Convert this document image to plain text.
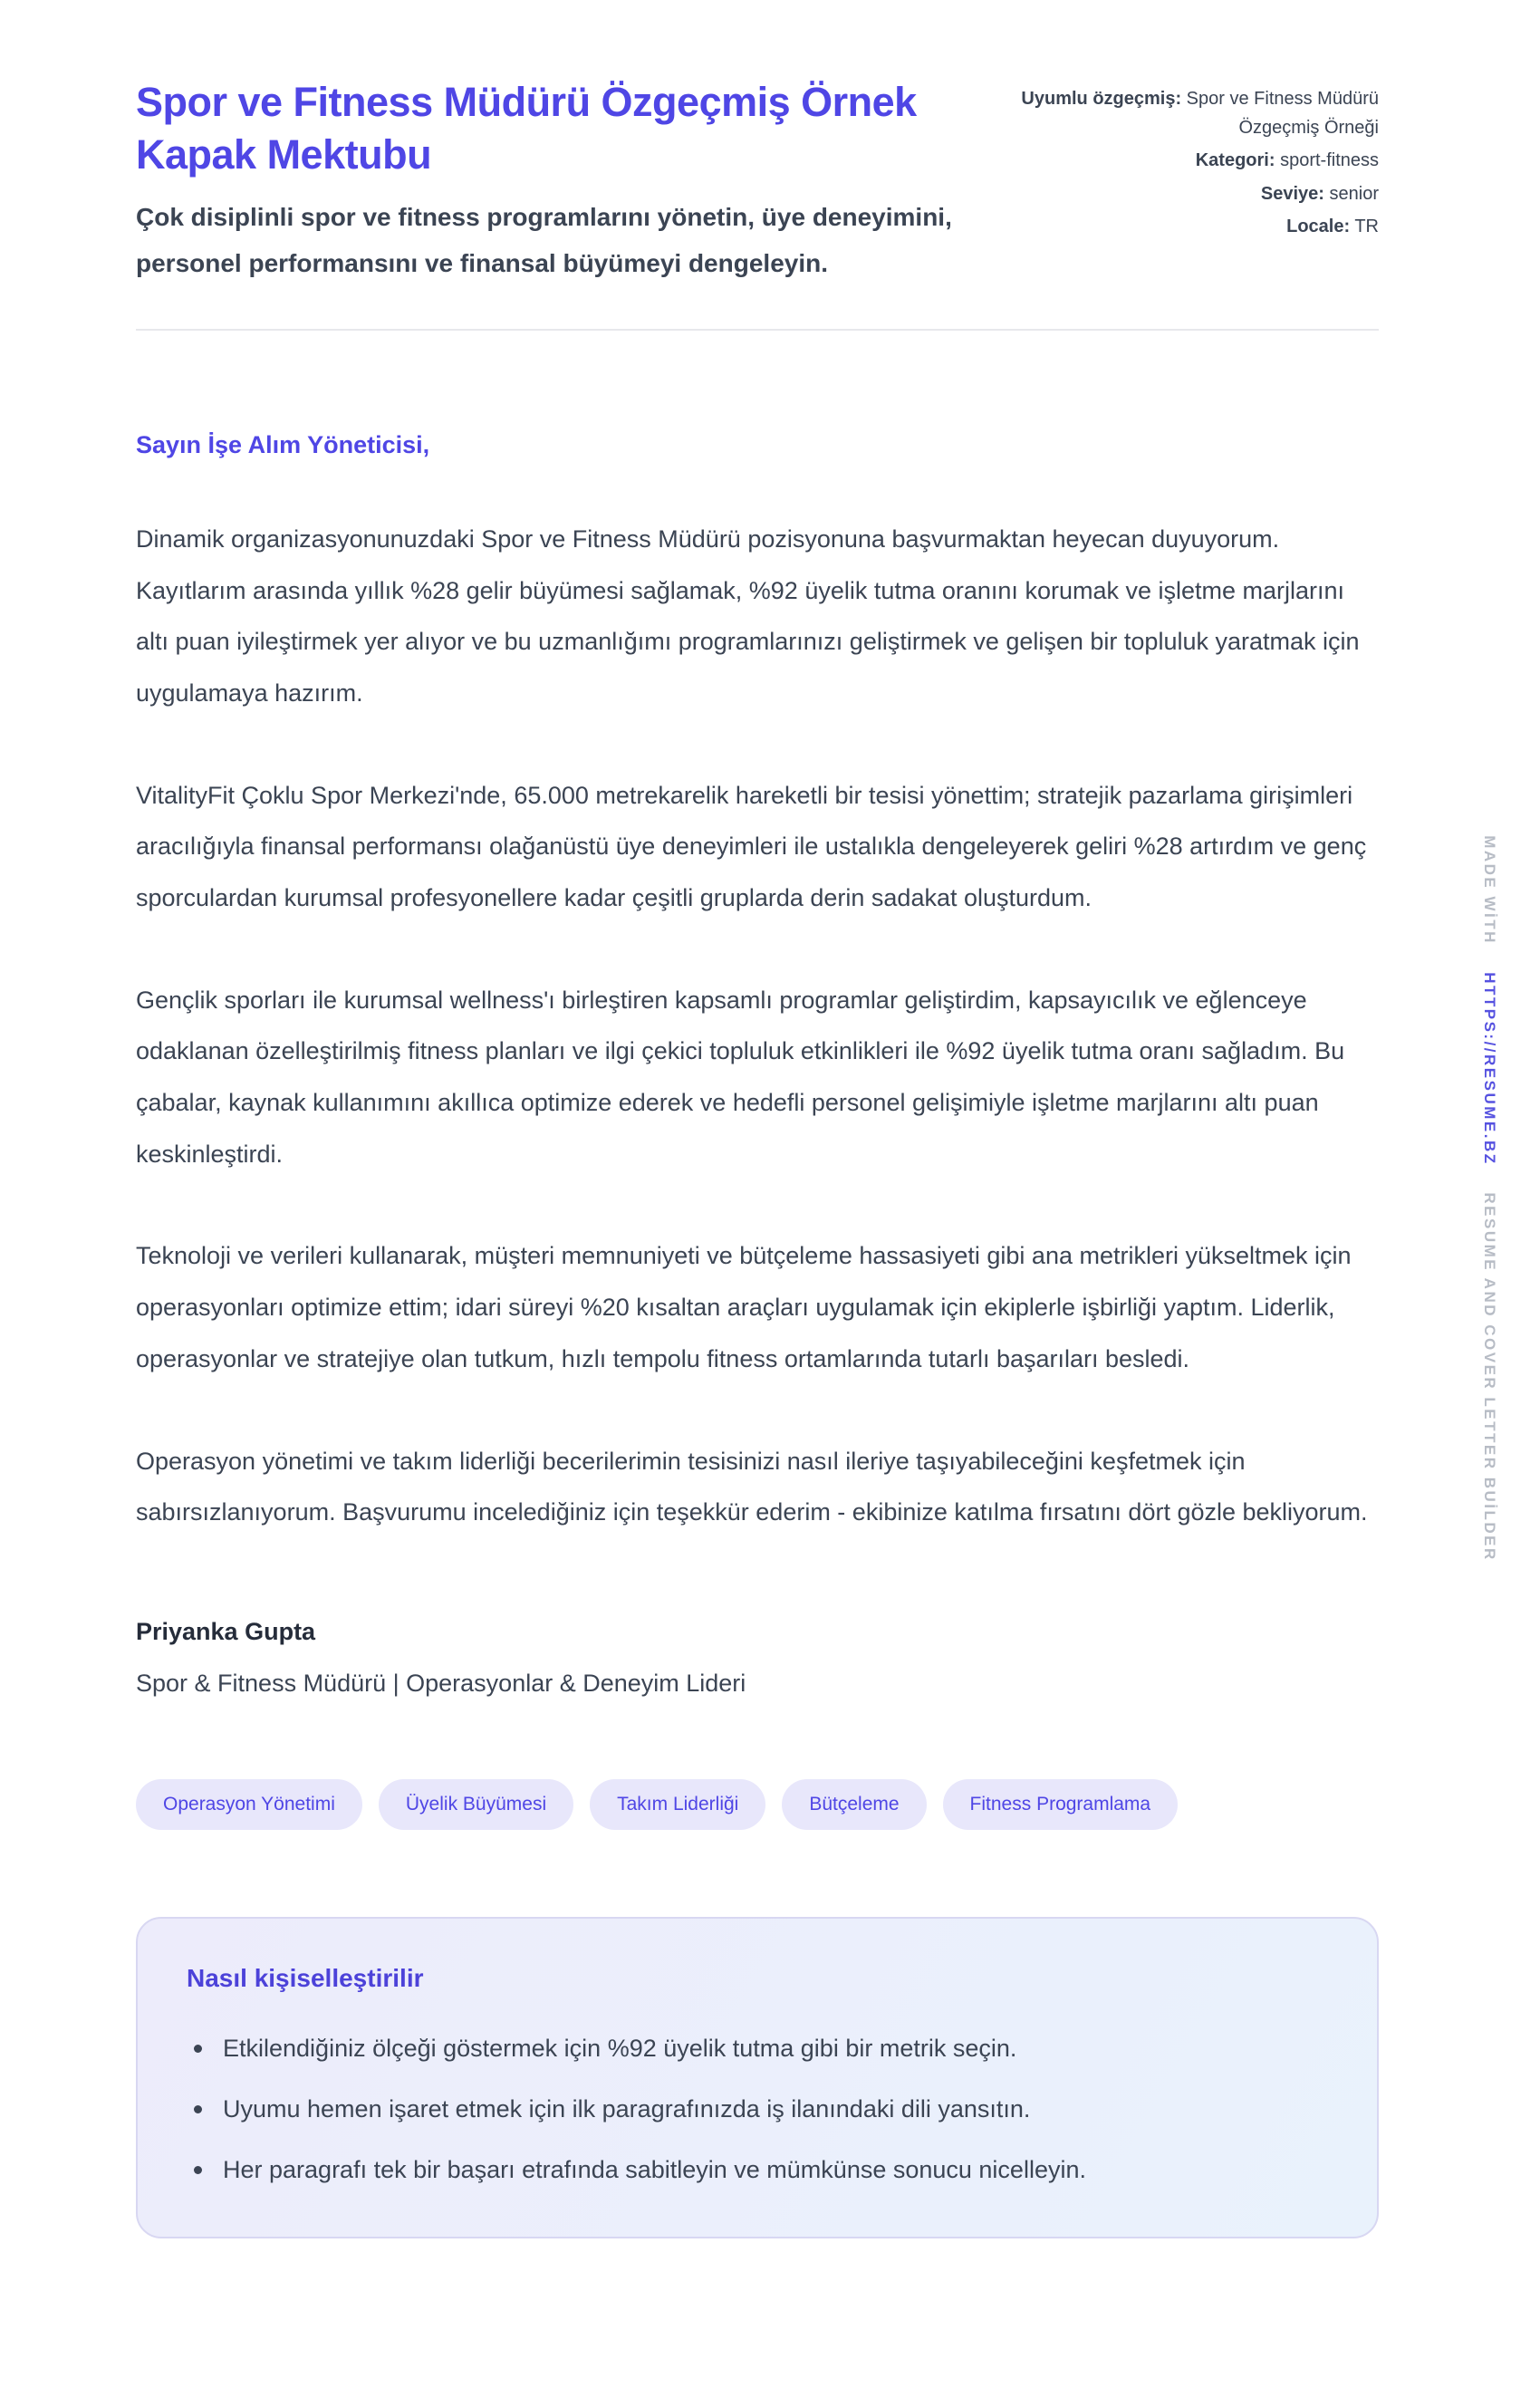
Spor ve Fitness Müdürü Özgeçmiş Örnek Kapak Mektubu

Çok disiplinli spor ve fitness programlarını yönetin, üye deneyimini, personel performansını ve finansal büyümeyi dengeleyin.

Uyumlu özgeçmiş: Spor ve Fitness Müdürü Özgeçmiş Örneği

Kategori: sport-fitness

Seviye: senior

Locale: TR

Sayın İşe Alım Yöneticisi,

Dinamik organizasyonunuzdaki Spor ve Fitness Müdürü pozisyonuna başvurmaktan heyecan duyuyorum. Kayıtlarım arasında yıllık %28 gelir büyümesi sağlamak, %92 üyelik tutma oranını korumak ve işletme marjlarını altı puan iyileştirmek yer alıyor ve bu uzmanlığımı programlarınızı geliştirmek ve gelişen bir topluluk yaratmak için uygulamaya hazırım.

VitalityFit Çoklu Spor Merkezi'nde, 65.000 metrekarelik hareketli bir tesisi yönettim; stratejik pazarlama girişimleri aracılığıyla finansal performansı olağanüstü üye deneyimleri ile ustalıkla dengeleyerek geliri %28 artırdım ve genç sporculardan kurumsal profesyonellere kadar çeşitli gruplarda derin sadakat oluşturdum.

Gençlik sporları ile kurumsal wellness'ı birleştiren kapsamlı programlar geliştirdim, kapsayıcılık ve eğlenceye odaklanan özelleştirilmiş fitness planları ve ilgi çekici topluluk etkinlikleri ile %92 üyelik tutma oranı sağladım. Bu çabalar, kaynak kullanımını akıllıca optimize ederek ve hedefli personel gelişimiyle işletme marjlarını altı puan keskinleştirdi.

Teknoloji ve verileri kullanarak, müşteri memnuniyeti ve bütçeleme hassasiyeti gibi ana metrikleri yükseltmek için operasyonları optimize ettim; idari süreyi %20 kısaltan araçları uygulamak için ekiplerle işbirliği yaptım. Liderlik, operasyonlar ve stratejiye olan tutkum, hızlı tempolu fitness ortamlarında tutarlı başarıları besledi.

Operasyon yönetimi ve takım liderliği becerilerimin tesisinizi nasıl ileriye taşıyabileceğini keşfetmek için sabırsızlanıyorum. Başvurumu incelediğiniz için teşekkür ederim - ekibinize katılma fırsatını dört gözle bekliyorum.

Priyanka Gupta

Spor & Fitness Müdürü | Operasyonlar & Deneyim Lideri

Operasyon Yönetimi	Üyelik Büyümesi	Takım Liderliği	Bütçeleme	Fitness Programlama
Nasıl kişiselleştirilir
Etkilendiğiniz ölçeği göstermek için %92 üyelik tutma gibi bir metrik seçin.
Uyumu hemen işaret etmek için ilk paragrafınızda iş ilanındaki dili yansıtın.
Her paragrafı tek bir başarı etrafında sabitleyin ve mümkünse sonucu nicelleyin.
MADE WİTHHTTPS://RESUME.BZRESUME AND COVER LETTER BUİLDER
